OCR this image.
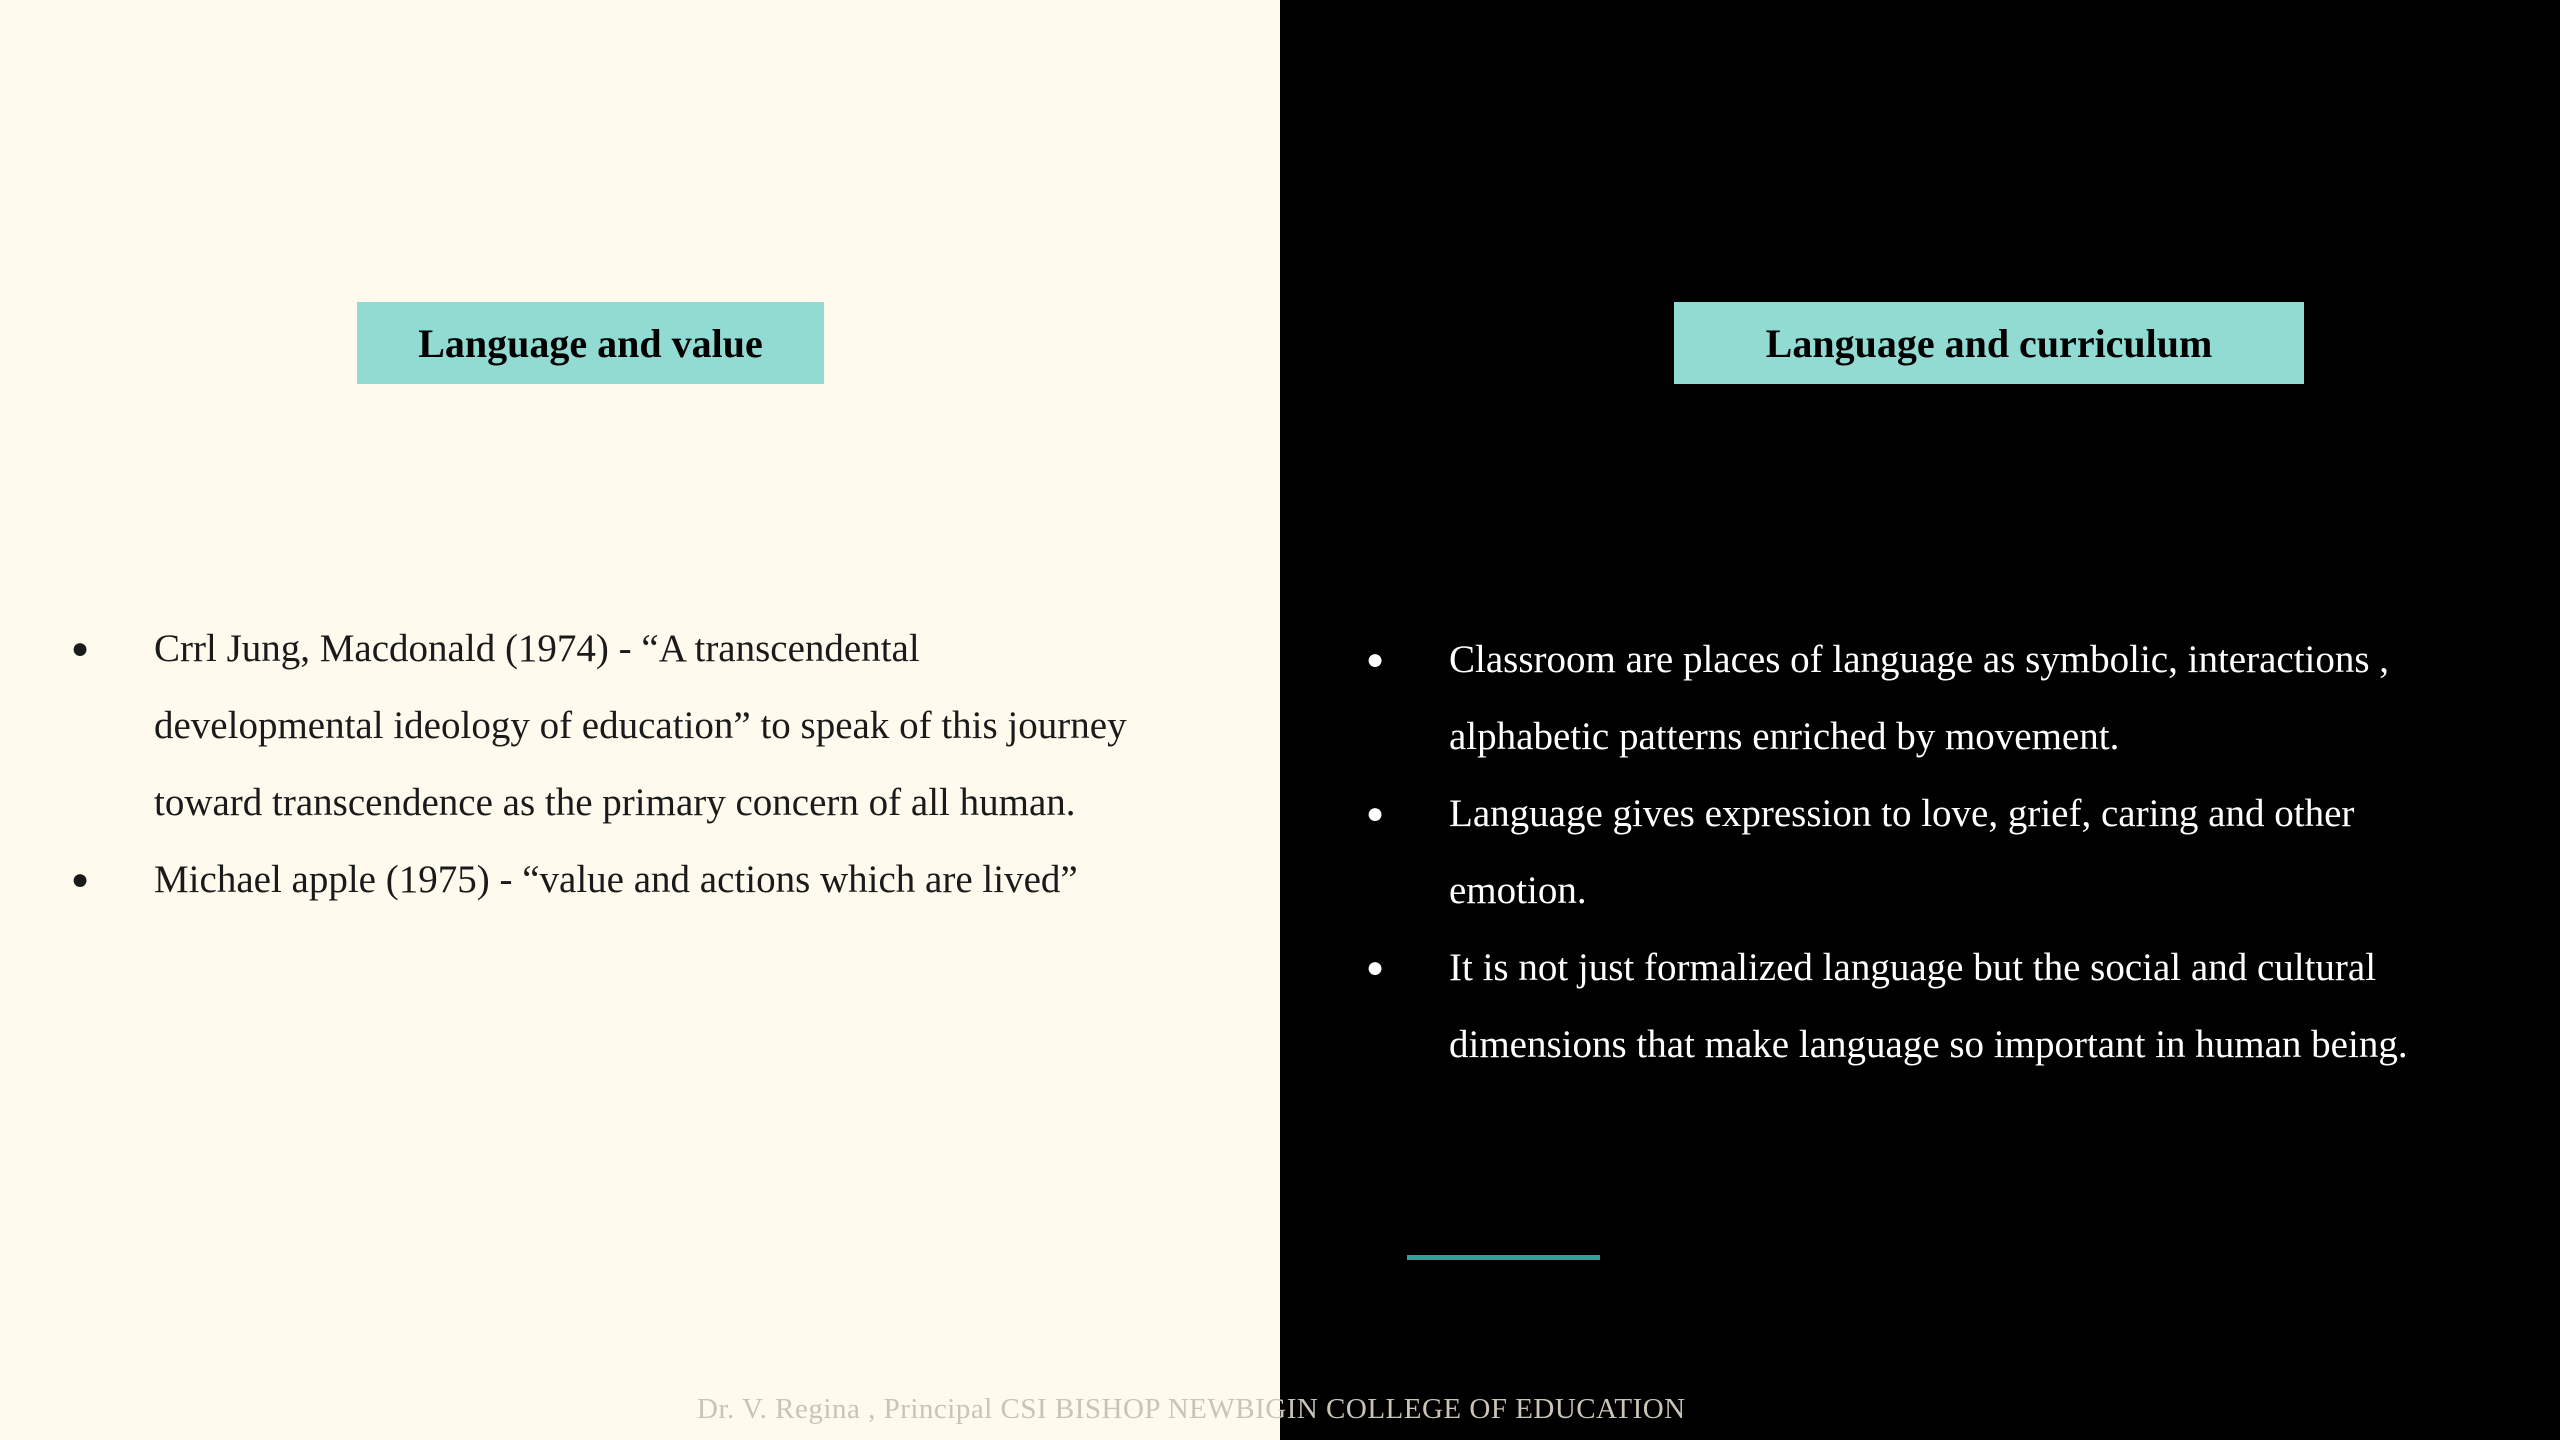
Language and value	Language and curriculum
● Crrl Jung, Macdonald (1974) - “A transcendental
developmental ideology of education” to speak of this journey
toward transcendence as the primary concern of all human.
● Michael apple (1975) - “value and actions which are lived”
● Classroom are places of language as symbolic, interactions ,
alphabetic patterns enriched by movement.
● Language gives expression to love, grief, caring and other
emotion.
● It is not just formalized language but the social and cultural
dimensions that make language so important in human being.
Dr. V. Regina , Principal CSI BISHOP NEWBIGIN COLLEGE OF EDUCATION
